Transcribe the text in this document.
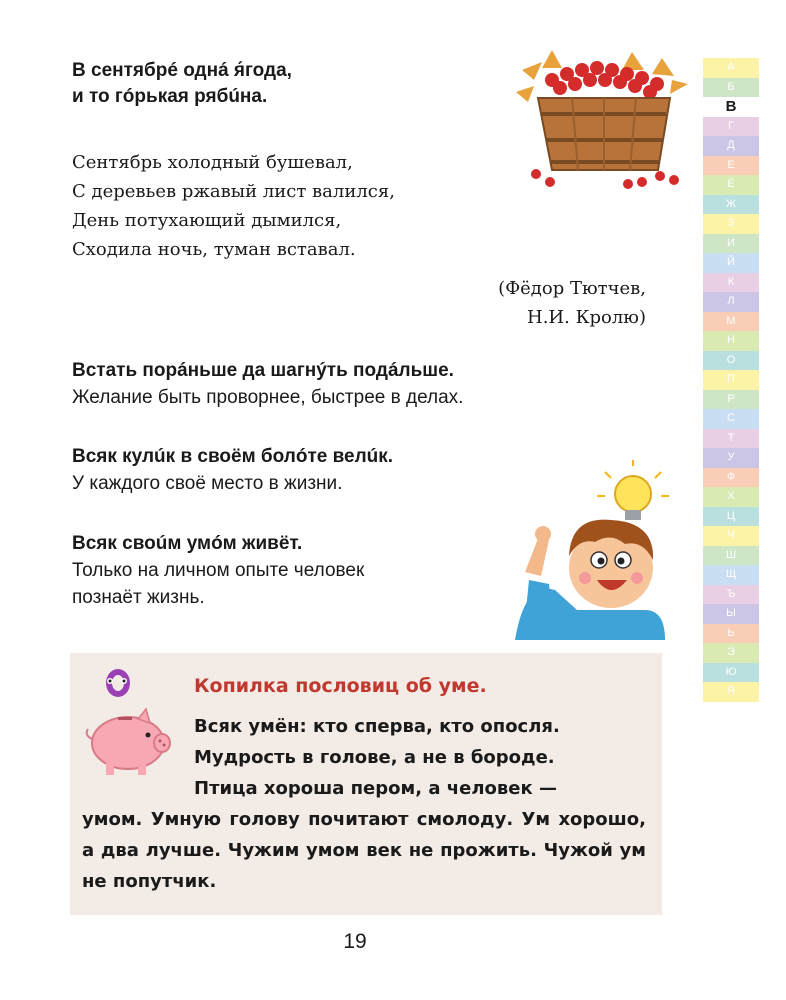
В сентябрé однá я́года,

и то гóрькая рябúна.

Сентябрь холодный бушевал,
С деревьев ржавый лист валился,
День потухающий дымился,
Сходила ночь, туман вставал.
(Фёдор Тютчев,
Н.И. Кролю)
Встать порáньше да шагнýть подáльше.
Желание быть проворнее, быстрее в делах.
Всяк кулúк в своём болóте велúк.
У каждого своё место в жизни.
Всяк своúм умóм живёт.
Только на личном опыте человек
познаёт жизнь.
Копилка пословиц об уме.
Всяк умён: кто сперва, кто опосля.
Мудрость в голове, а не в бороде.
Птица хороша пером, а человек —
умом. Умную голову почитают смолоду. Ум хорошо, а два лучше. Чужим умом век не прожить. Чужой ум не попутчик.
19
А
Б
В
Г
Д
Е
Ё
Ж
З
И
Й
К
Л
М
Н
О
П
Р
С
Т
У
Ф
Х
Ц
Ч
Ш
Щ
Ъ
Ы
Ь
Э
Ю
Я
